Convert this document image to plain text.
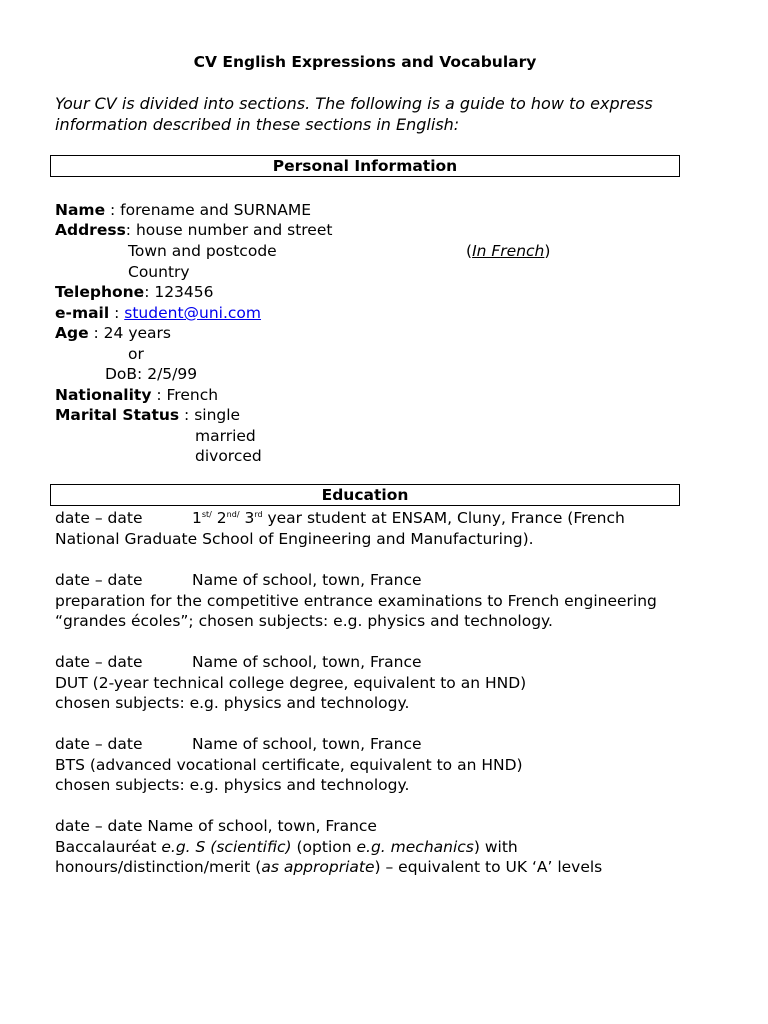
CV English Expressions and Vocabulary
Your CV is divided into sections. The following is a guide to how to express information described in these sections in English:
Personal Information
Name : forename and SURNAME
Address: house number and street
Town and postcode	(In French)
Country
Telephone: 123456
e-mail : student@uni.com
Age : 24 years
or
DoB: 2/5/99
Nationality : French
Marital Status : single
married
divorced
Education
date – date	$1^{st/}$ $2^{nd/}$ 3rd year student at ENSAM, Cluny, France (French
National Graduate School of Engineering and Manufacturing).
date – date	Name of school, town, France
preparation for the competitive entrance examinations to French engineering
“grandes écoles”; chosen subjects: e.g. physics and technology.
date – date	Name of school, town, France
DUT (2-year technical college degree, equivalent to an HND)
chosen subjects: e.g. physics and technology.
date – date	Name of school, town, France
BTS (advanced vocational certificate, equivalent to an HND)
chosen subjects: e.g. physics and technology.
date – date Name of school, town, France
Baccalauréat e.g. S (scientific) (option e.g. mechanics) with
honours/distinction/merit (as appropriate) – equivalent to UK ‘A’ levels
